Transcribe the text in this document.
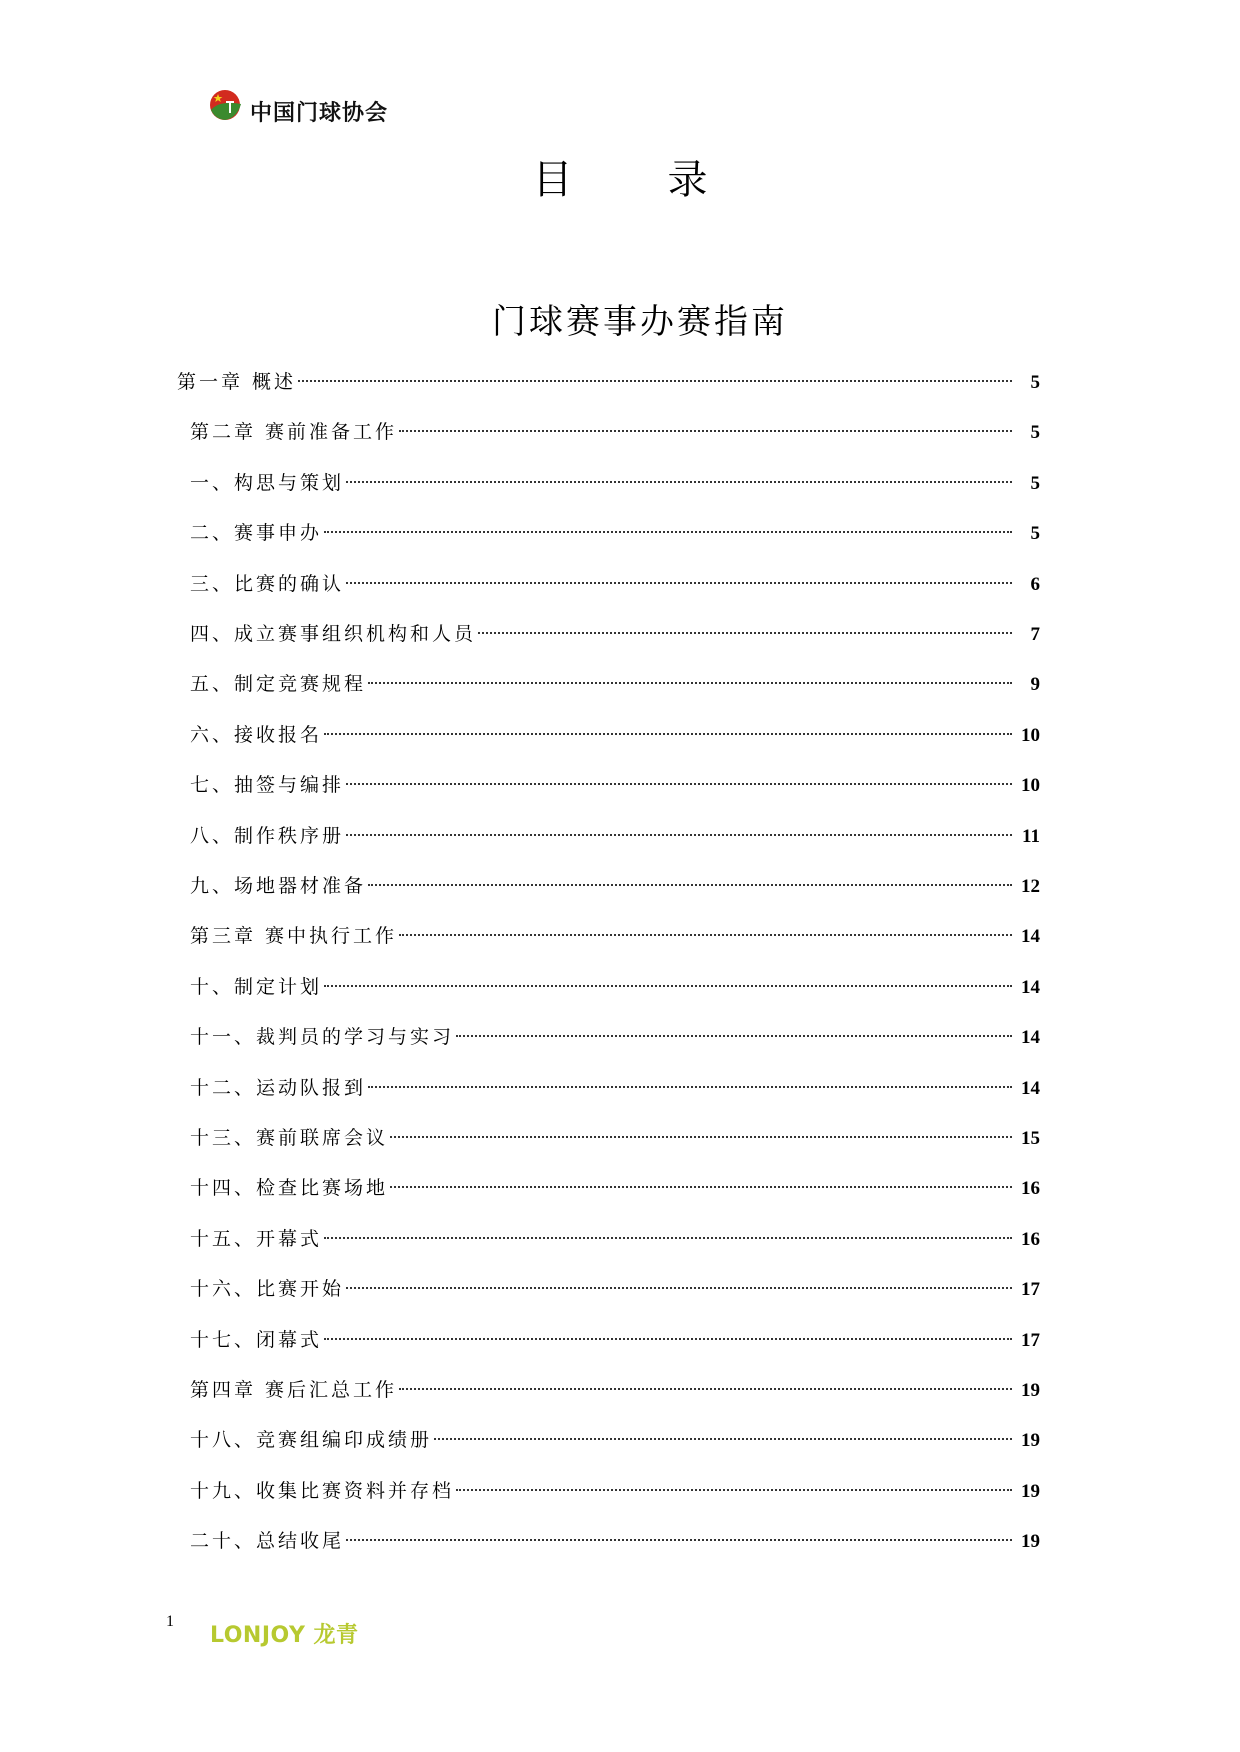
中国门球协会
目录
门球赛事办赛指南
第一章 概述	5
第二章 赛前准备工作	5
一、构思与策划	5
二、赛事申办	5
三、比赛的确认	6
四、成立赛事组织机构和人员	7
五、制定竞赛规程	9
六、接收报名	10
七、抽签与编排	10
八、制作秩序册	11
九、场地器材准备	12
第三章 赛中执行工作	14
十、制定计划	14
十一、裁判员的学习与实习	14
十二、运动队报到	14
十三、赛前联席会议	15
十四、检查比赛场地	16
十五、开幕式	16
十六、比赛开始	17
十七、闭幕式	17
第四章 赛后汇总工作	19
十八、竞赛组编印成绩册	19
十九、收集比赛资料并存档	19
二十、总结收尾	19
1
LONJOY 龙青
